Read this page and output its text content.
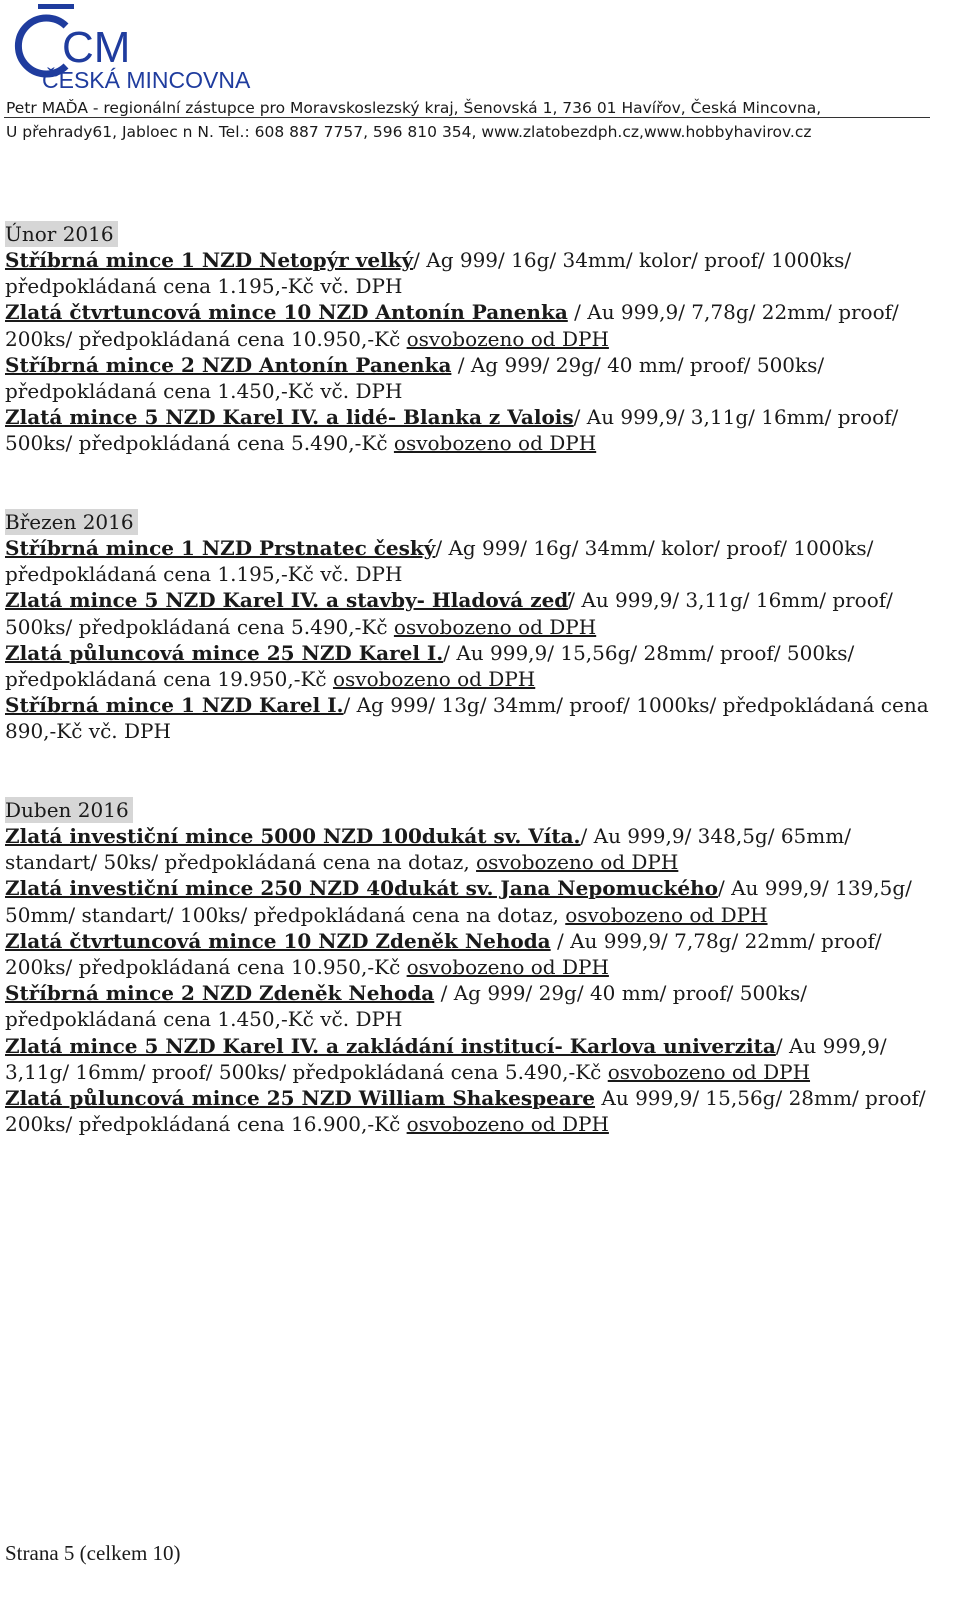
CM
ČESKÁ MINCOVNA
Petr MAĎA - regionální zástupce pro Moravskoslezský kraj, Šenovská 1, 736 01 Havířov, Česká Mincovna,
U přehrady61, Jabloec n N. Tel.: 608 887 7757, 596 810 354, www.zlatobezdph.cz,www.hobbyhavirov.cz
Únor 2016
Stříbrná mince 1 NZD Netopýr velký/ Ag 999/ 16g/ 34mm/ kolor/ proof/ 1000ks/ předpokládaná cena 1.195,-Kč vč. DPH
Zlatá čtvrtuncová mince 10 NZD Antonín Panenka / Au 999,9/ 7,78g/ 22mm/ proof/ 200ks/ předpokládaná cena 10.950,-Kč osvobozeno od DPH
Stříbrná mince 2 NZD Antonín Panenka / Ag 999/ 29g/ 40 mm/ proof/ 500ks/ předpokládaná cena 1.450,-Kč vč. DPH
Zlatá mince 5 NZD Karel IV. a lidé- Blanka z Valois/ Au 999,9/ 3,11g/ 16mm/ proof/ 500ks/ předpokládaná cena 5.490,-Kč osvobozeno od DPH
Březen 2016
Stříbrná mince 1 NZD Prstnatec český/ Ag 999/ 16g/ 34mm/ kolor/ proof/ 1000ks/ předpokládaná cena 1.195,-Kč vč. DPH
Zlatá mince 5 NZD Karel IV. a stavby- Hladová zeď/ Au 999,9/ 3,11g/ 16mm/ proof/ 500ks/ předpokládaná cena 5.490,-Kč osvobozeno od DPH
Zlatá půluncová mince 25 NZD Karel I./ Au 999,9/ 15,56g/ 28mm/ proof/ 500ks/ předpokládaná cena 19.950,-Kč osvobozeno od DPH
Stříbrná mince 1 NZD Karel I./ Ag 999/ 13g/ 34mm/ proof/ 1000ks/ předpokládaná cena 890,-Kč vč. DPH
Duben 2016
Zlatá investiční mince 5000 NZD 100dukát sv. Víta./ Au 999,9/ 348,5g/ 65mm/ standart/ 50ks/ předpokládaná cena na dotaz, osvobozeno od DPH
Zlatá investiční mince 250 NZD 40dukát sv. Jana Nepomuckého/ Au 999,9/ 139,5g/ 50mm/ standart/ 100ks/ předpokládaná cena na dotaz, osvobozeno od DPH
Zlatá čtvrtuncová mince 10 NZD Zdeněk Nehoda / Au 999,9/ 7,78g/ 22mm/ proof/ 200ks/ předpokládaná cena 10.950,-Kč osvobozeno od DPH
Stříbrná mince 2 NZD Zdeněk Nehoda / Ag 999/ 29g/ 40 mm/ proof/ 500ks/ předpokládaná cena 1.450,-Kč vč. DPH
Zlatá mince 5 NZD Karel IV. a zakládání institucí- Karlova univerzita/ Au 999,9/ 3,11g/ 16mm/ proof/ 500ks/ předpokládaná cena 5.490,-Kč osvobozeno od DPH
Zlatá půluncová mince 25 NZD William Shakespeare Au 999,9/ 15,56g/ 28mm/ proof/ 200ks/ předpokládaná cena 16.900,-Kč osvobozeno od DPH
Strana 5 (celkem 10)
